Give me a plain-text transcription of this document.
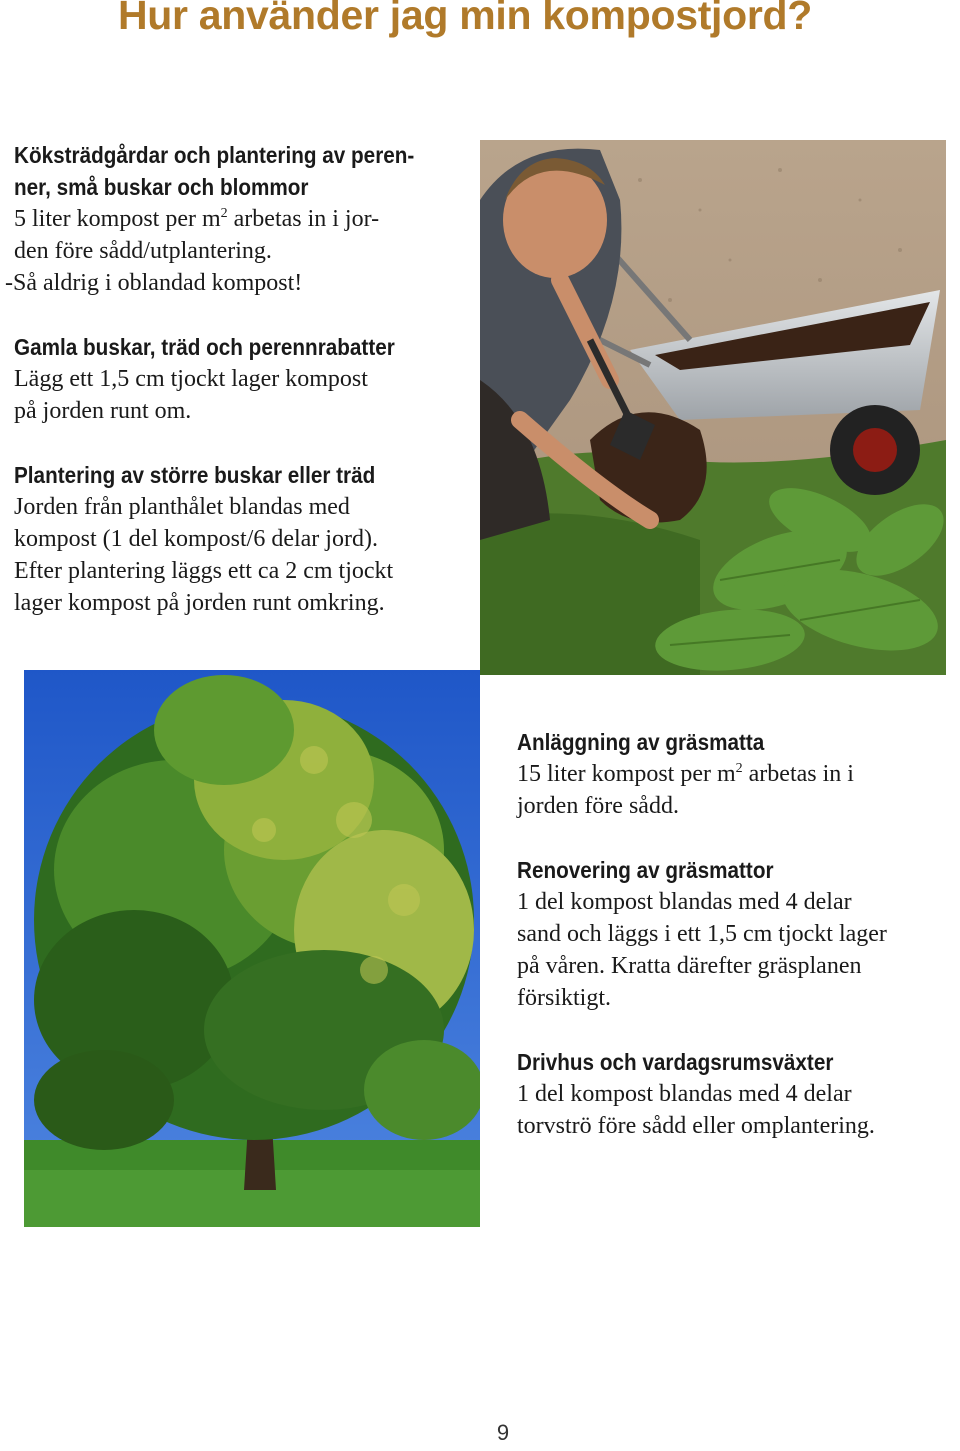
Hur använder jag min kompostjord?
Köksträdgårdar och plantering av peren-
ner, små buskar och blommor
5 liter kompost per $m^2$ arbetas in i jor-
den före sådd/utplantering.
-Så aldrig i oblandad kompost!
Gamla buskar, träd och perennrabatter
Lägg ett 1,5 cm tjockt lager kompost
på jorden runt om.
Plantering av större buskar eller träd
Jorden från planthålet blandas med
kompost (1 del kompost/6 delar jord).
Efter plantering läggs ett ca 2 cm tjockt
lager kompost på jorden runt omkring.
Anläggning av gräsmatta
15 liter kompost per $m^2$ arbetas in i
jorden före sådd.
Renovering av gräsmattor
1 del kompost blandas med 4 delar
sand och läggs i ett 1,5 cm tjockt lager
på våren. Kratta därefter gräsplanen
försiktigt.
Drivhus och vardagsrumsväxter
1 del kompost blandas med 4 delar
torvströ före sådd eller omplantering.
9
